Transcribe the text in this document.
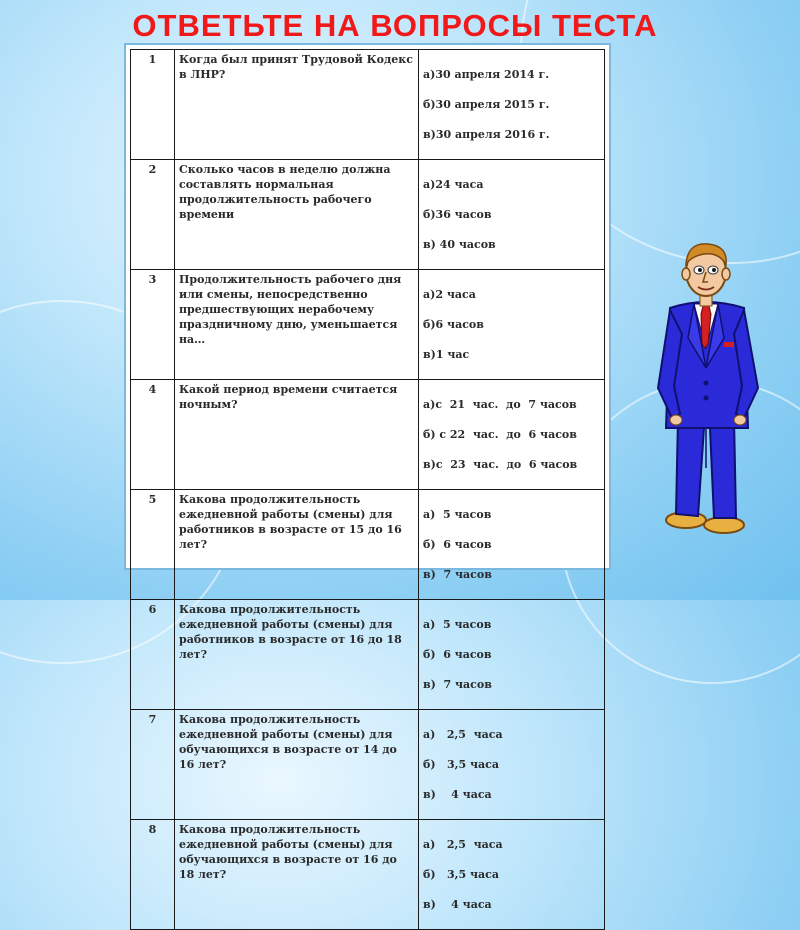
ОТВЕТЬТЕ НА ВОПРОСЫ ТЕСТА
1	Когда был принят Трудовой Кодекс в ЛНР?	а)30 апреля 2014 г.

б)30 апреля 2015 г.

в)30 апреля 2016 г.

2	Сколько часов в неделю должна составлять нормальная продолжительность рабочего времени	а)24 часа

б)36 часов

в) 40 часов

3	Продолжительность рабочего дня или смены, непосредственно предшествующих нерабочему праздничному дню, уменьшается на…	а)2 часа

б)6 часов

в)1 час

4	Какой период времени считается ночным?	а)с  21  час.  до  7 часов

б) с 22  час.  до  6 часов

в)с  23  час.  до  6 часов

5	Какова продолжительность ежедневной работы (смены) для работников в возрасте от 15 до 16 лет?	а)  5 часов

б)  6 часов

в)  7 часов

6	Какова продолжительность ежедневной работы (смены) для работников в возрасте от 16 до 18 лет?	а)  5 часов

б)  6 часов

в)  7 часов

7	Какова продолжительность ежедневной работы (смены) для обучающихся в возрасте от 14 до 16 лет?	а)   2,5  часа

б)   3,5 часа

в)    4 часа

8	Какова продолжительность ежедневной работы (смены) для обучающихся в возрасте от 16 до 18 лет?	а)   2,5  часа

б)   3,5 часа

в)    4 часа
